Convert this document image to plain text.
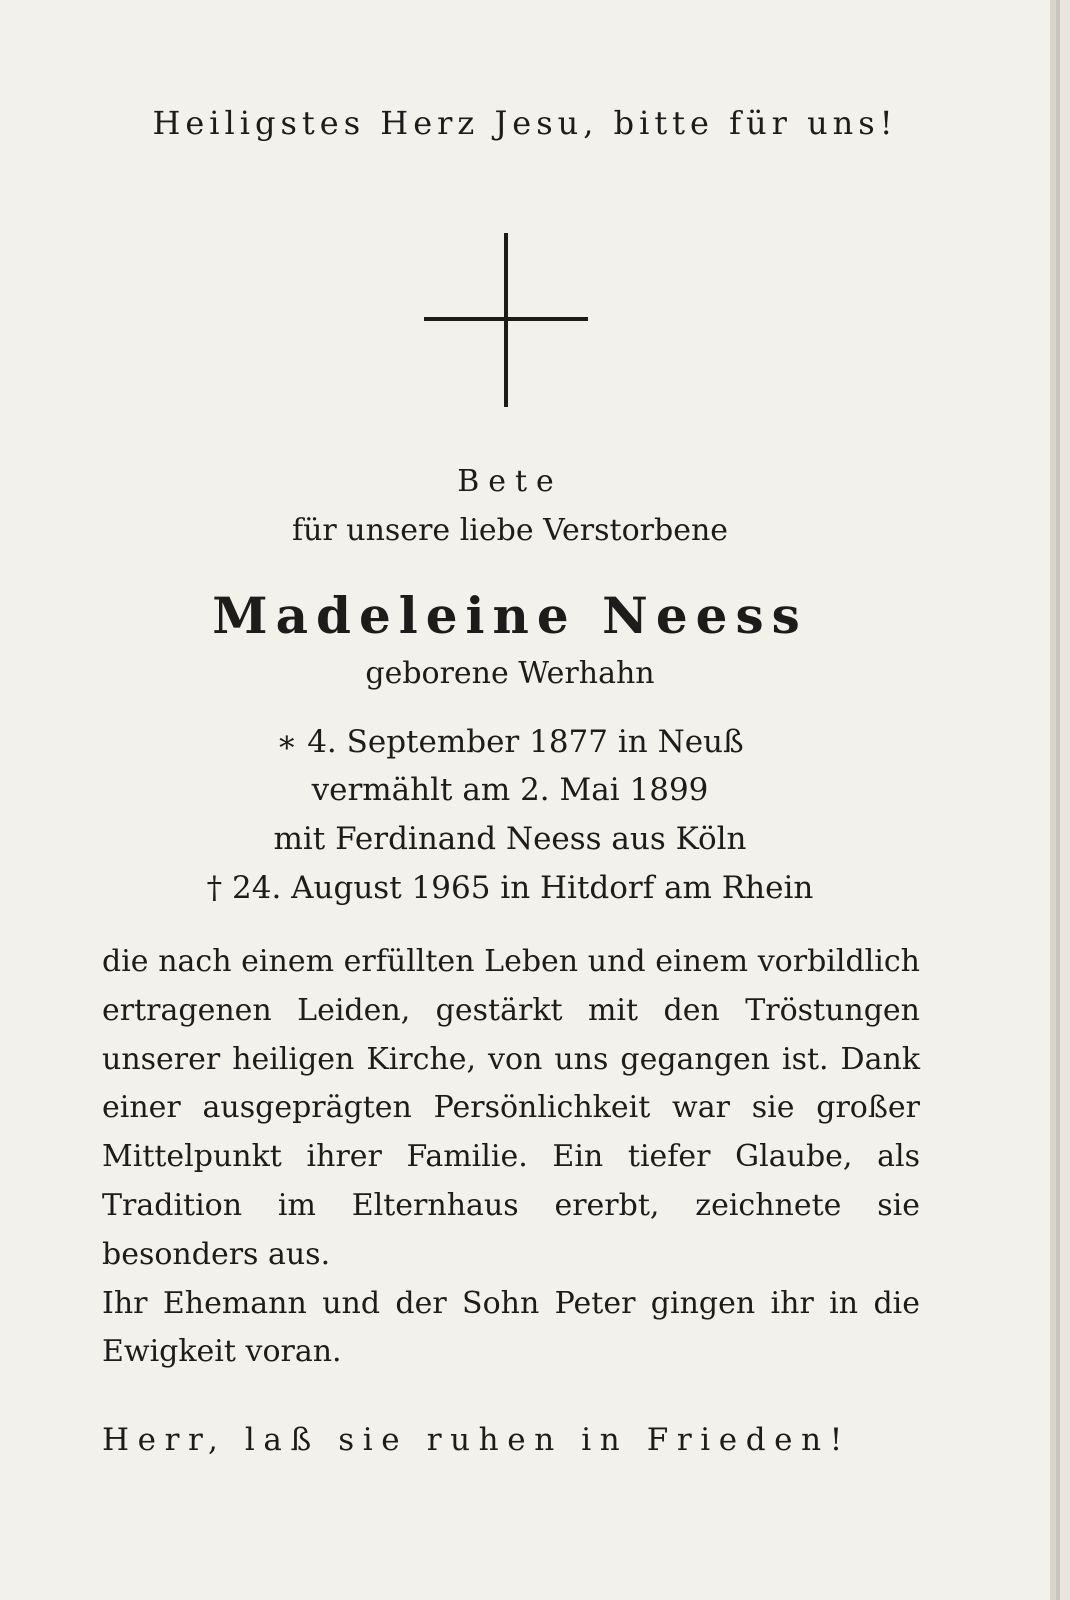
Heiligstes Herz Jesu, bitte für uns!
Bete
für unsere liebe Verstorbene
Madeleine Neess
geborene Werhahn
∗ 4. September 1877 in Neuß
vermählt am 2. Mai 1899
mit Ferdinand Neess aus Köln
† 24. August 1965 in Hitdorf am Rhein

die nach einem erfüllten Leben und einem vorbildlich ertragenen Leiden, gestärkt mit den Tröstungen unserer heiligen Kirche, von uns gegangen ist. Dank einer ausgeprägten Persönlichkeit war sie großer Mittelpunkt ihrer Familie. Ein tiefer Glaube, als Tradition im Elternhaus ererbt, zeichnete sie besonders aus.

Ihr Ehemann und der Sohn Peter gingen ihr in die Ewigkeit voran.

Herr, laß sie ruhen in Frieden!
